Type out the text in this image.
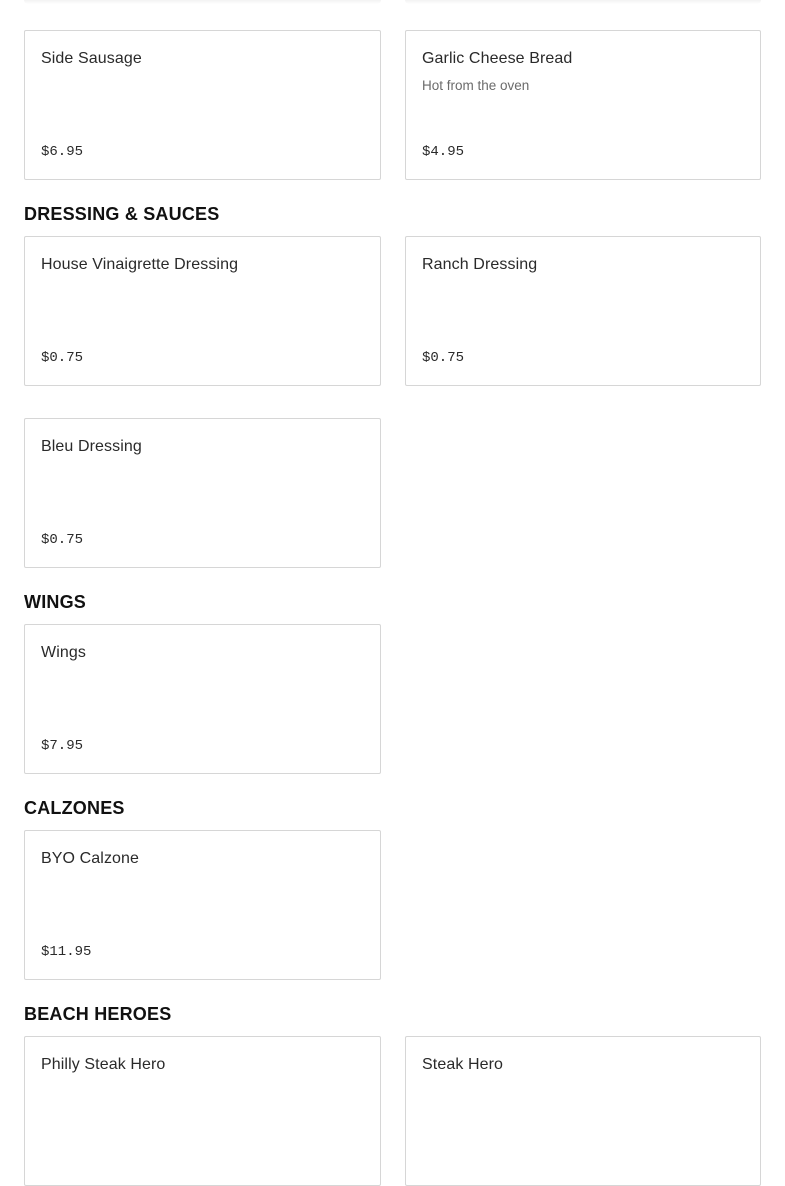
Side Sausage
$6.95
Garlic Cheese Bread
Hot from the oven
$4.95
DRESSING & SAUCES
House Vinaigrette Dressing
$0.75
Ranch Dressing
$0.75
Bleu Dressing
$0.75
WINGS
Wings
$7.95
CALZONES
BYO Calzone
$11.95
BEACH HEROES
Philly Steak Hero	Steak Hero
